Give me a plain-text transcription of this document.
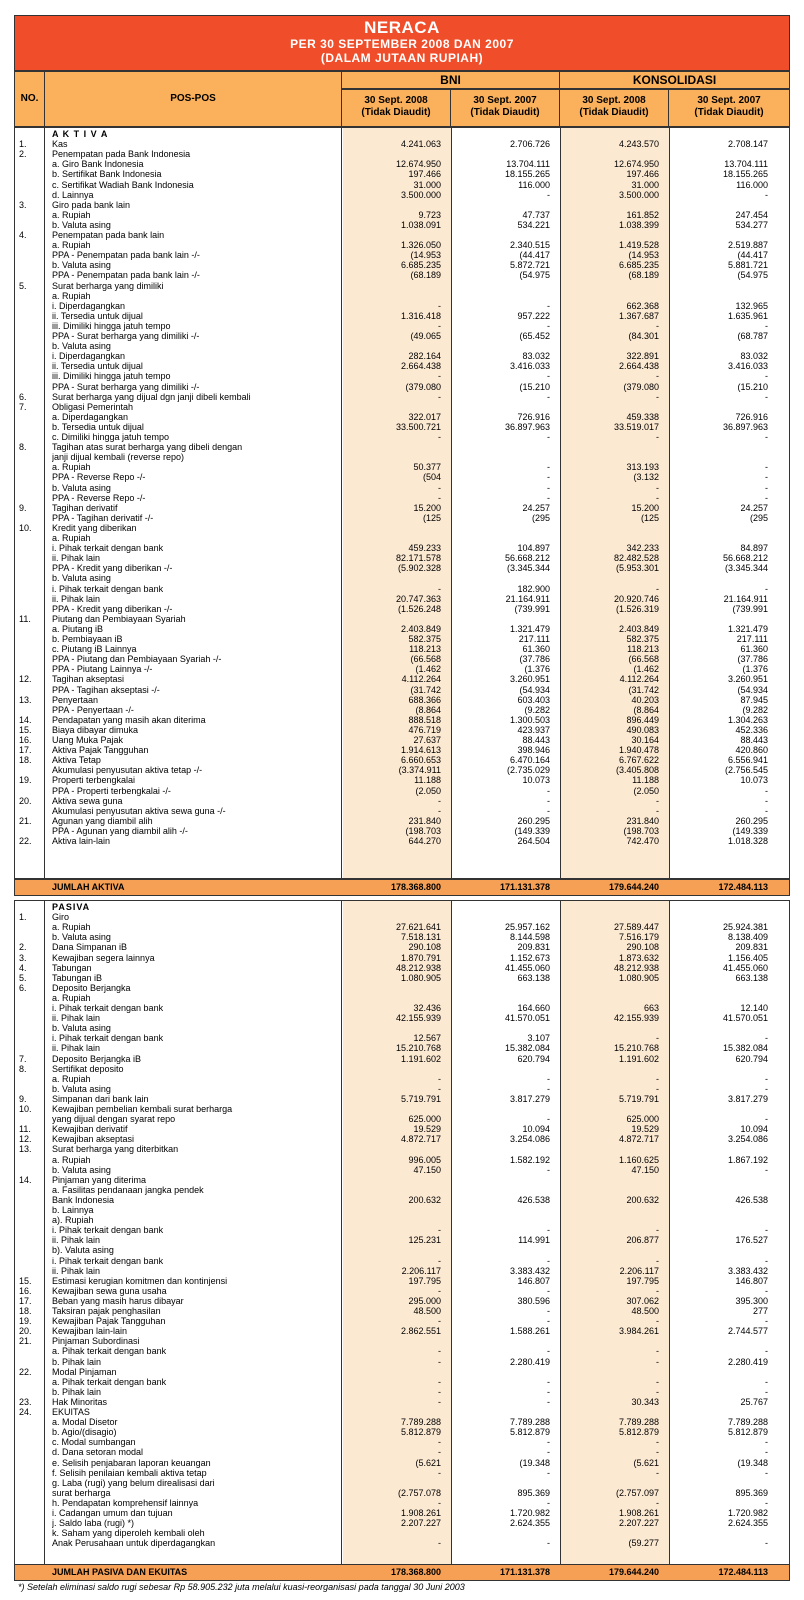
NERACA
PER 30 SEPTEMBER 2008 DAN 2007
(DALAM JUTAAN RUPIAH)
NO.	POS-POS
BNI	KONSOLIDASI
30 Sept. 2008
(Tidak Diaudit)
30 Sept. 2007
(Tidak Diaudit)
30 Sept. 2008
(Tidak Diaudit)
30 Sept. 2007
(Tidak Diaudit)
A K T I V A
1.	Kas	4.241.063	2.706.726	4.243.570	2.708.147
2.	Penempatan pada Bank Indonesia
a. Giro Bank Indonesia	12.674.950	13.704.111	12.674.950	13.704.111
b. Sertifikat Bank Indonesia	197.466	18.155.265	197.466	18.155.265
c. Sertifikat Wadiah Bank Indonesia	31.000	116.000	31.000	116.000
d. Lainnya	3.500.000	-	3.500.000	-
3.	Giro pada bank lain
a. Rupiah	9.723	47.737	161.852	247.454
b. Valuta asing	1.038.091	534.221	1.038.399	534.277
4.	Penempatan pada bank lain
a. Rupiah	1.326.050	2.340.515	1.419.528	2.519.887
PPA - Penempatan pada bank lain -/-	(14.953	(44.417	(14.953	(44.417
b. Valuta asing	6.685.235	5.872.721	6.685.235	5.881.721
PPA - Penempatan pada bank lain -/-	(68.189	(54.975	(68.189	(54.975
5.	Surat berharga yang dimiliki
a. Rupiah
i. Diperdagangkan	-	-	662.368	132.965
ii. Tersedia untuk dijual	1.316.418	957.222	1.367.687	1.635.961
iii. Dimiliki hingga jatuh tempo	-	-	-	-
PPA - Surat berharga yang dimiliki -/-	(49.065	(65.452	(84.301	(68.787
b. Valuta asing
i. Diperdagangkan	282.164	83.032	322.891	83.032
ii. Tersedia untuk dijual	2.664.438	3.416.033	2.664.438	3.416.033
iii. Dimiliki hingga jatuh tempo	-	-	-	-
PPA - Surat berharga yang dimiliki -/-	(379.080	(15.210	(379.080	(15.210
6.	Surat berharga yang dijual dgn janji dibeli kembali	-	-	-	-
7.	Obligasi Pemerintah
a. Diperdagangkan	322.017	726.916	459.338	726.916
b. Tersedia untuk dijual	33.500.721	36.897.963	33.519.017	36.897.963
c. Dimiliki hingga jatuh tempo	-	-	-	-
8.	Tagihan atas surat berharga yang dibeli dengan
janji dijual kembali (reverse repo)
a. Rupiah	50.377	-	313.193	-
PPA - Reverse Repo -/-	(504	-	(3.132	-
b. Valuta asing	-	-	-	-
PPA - Reverse Repo -/-	-	-	-	-
9.	Tagihan derivatif	15.200	24.257	15.200	24.257
PPA - Tagihan derivatif -/-	(125	(295	(125	(295
10.	Kredit yang diberikan
a. Rupiah
i. Pihak terkait dengan bank	459.233	104.897	342.233	84.897
ii. Pihak lain	82.171.578	56.668.212	82.482.528	56.668.212
PPA - Kredit yang diberikan -/-	(5.902.328	(3.345.344	(5.953.301	(3.345.344
b. Valuta asing
i. Pihak terkait dengan bank	-	182.900	-	-
ii. Pihak lain	20.747.363	21.164.911	20.920.746	21.164.911
PPA - Kredit yang diberikan -/-	(1.526.248	(739.991	(1.526.319	(739.991
11.	Piutang dan Pembiayaan Syariah
a. Piutang iB	2.403.849	1.321.479	2.403.849	1.321.479
b. Pembiayaan iB	582.375	217.111	582.375	217.111
c. Piutang iB Lainnya	118.213	61.360	118.213	61.360
PPA - Piutang dan Pembiayaan Syariah -/-	(66.568	(37.786	(66.568	(37.786
PPA - Piutang Lainnya -/-	(1.462	(1.376	(1.462	(1.376
12.	Tagihan akseptasi	4.112.264	3.260.951	4.112.264	3.260.951
PPA - Tagihan akseptasi -/-	(31.742	(54.934	(31.742	(54.934
13.	Penyertaan	688.366	603.403	40.203	87.945
PPA - Penyertaan -/-	(8.864	(9.282	(8.864	(9.282
14.	Pendapatan yang masih akan diterima	888.518	1.300.503	896.449	1.304.263
15.	Biaya dibayar dimuka	476.719	423.937	490.083	452.336
16.	Uang Muka Pajak	27.637	88.443	30.164	88.443
17.	Aktiva Pajak Tangguhan	1.914.613	398.946	1.940.478	420.860
18.	Aktiva Tetap	6.660.653	6.470.164	6.767.622	6.556.941
Akumulasi penyusutan aktiva tetap -/-	(3.374.911	(2.735.029	(3.405.808	(2.756.545
19.	Properti terbengkalai	11.188	10.073	11.188	10.073
PPA - Properti terbengkalai -/-	(2.050	-	(2.050	-
20.	Aktiva sewa guna	-	-	-	-
Akumulasi penyusutan aktiva sewa guna -/-	-	-	-	-
21.	Agunan yang diambil alih	231.840	260.295	231.840	260.295
PPA - Agunan yang diambil alih -/-	(198.703	(149.339	(198.703	(149.339
22.	Aktiva lain-lain	644.270	264.504	742.470	1.018.328
JUMLAH AKTIVA	178.368.800	171.131.378	179.644.240	172.484.113
PASIVA
1.	Giro
a. Rupiah	27.621.641	25.957.162	27.589.447	25.924.381
b. Valuta asing	7.518.131	8.144.598	7.516.179	8.138.409
2.	Dana Simpanan iB	290.108	209.831	290.108	209.831
3.	Kewajiban segera lainnya	1.870.791	1.152.673	1.873.632	1.156.405
4.	Tabungan	48.212.938	41.455.060	48.212.938	41.455.060
5.	Tabungan iB	1.080.905	663.138	1.080.905	663.138
6.	Deposito Berjangka
a. Rupiah
i. Pihak terkait dengan bank	32.436	164.660	663	12.140
ii. Pihak lain	42.155.939	41.570.051	42.155.939	41.570.051
b. Valuta asing
i. Pihak terkait dengan bank	12.567	3.107	-	-
ii. Pihak lain	15.210.768	15.382.084	15.210.768	15.382.084
7.	Deposito Berjangka iB	1.191.602	620.794	1.191.602	620.794
8.	Sertifikat deposito
a. Rupiah	-	-	-	-
b. Valuta asing	-	-	-	-
9.	Simpanan dari bank lain	5.719.791	3.817.279	5.719.791	3.817.279
10.	Kewajiban pembelian kembali surat berharga
yang dijual dengan syarat repo	625.000	-	625.000	-
11.	Kewajiban derivatif	19.529	10.094	19.529	10.094
12.	Kewajiban akseptasi	4.872.717	3.254.086	4.872.717	3.254.086
13.	Surat berharga yang diterbitkan
a. Rupiah	996.005	1.582.192	1.160.625	1.867.192
b. Valuta asing	47.150	-	47.150	-
14.	Pinjaman yang diterima
a. Fasilitas pendanaan jangka pendek
Bank Indonesia	200.632	426.538	200.632	426.538
b. Lainnya
a). Rupiah
i. Pihak terkait dengan bank	-	-	-	-
ii. Pihak lain	125.231	114.991	206.877	176.527
b). Valuta asing
i. Pihak terkait dengan bank	-	-	-	-
ii. Pihak lain	2.206.117	3.383.432	2.206.117	3.383.432
15.	Estimasi kerugian komitmen dan kontinjensi	197.795	146.807	197.795	146.807
16.	Kewajiban sewa guna usaha	-	-	-	-
17.	Beban yang masih harus dibayar	295.000	380.596	307.062	395.300
18.	Taksiran pajak penghasilan	48.500	-	48.500	277
19.	Kewajiban Pajak Tangguhan	-	-	-	-
20.	Kewajiban lain-lain	2.862.551	1.588.261	3.984.261	2.744.577
21.	Pinjaman Subordinasi
a. Pihak terkait dengan bank	-	-	-	-
b. Pihak lain	-	2.280.419	-	2.280.419
22.	Modal Pinjaman
a. Pihak terkait dengan bank	-	-	-	-
b. Pihak lain	-	-	-	-
23.	Hak Minoritas	-	-	30.343	25.767
24.	EKUITAS
a. Modal Disetor	7.789.288	7.789.288	7.789.288	7.789.288
b. Agio/(disagio)	5.812.879	5.812.879	5.812.879	5.812.879
c. Modal sumbangan	-	-	-	-
d. Dana setoran modal	-	-	-	-
e. Selisih penjabaran laporan keuangan	(5.621	(19.348	(5.621	(19.348
f. Selisih penilaian kembali aktiva tetap	-	-	-	-
g. Laba (rugi) yang belum direalisasi dari
surat berharga	(2.757.078	895.369	(2.757.097	895.369
h. Pendapatan komprehensif lainnya	-	-	-	-
i. Cadangan umum dan tujuan	1.908.261	1.720.982	1.908.261	1.720.982
j. Saldo laba (rugi) *)	2.207.227	2.624.355	2.207.227	2.624.355
k. Saham yang diperoleh kembali oleh
Anak Perusahaan untuk diperdagangkan	-	-	(59.277	-
JUMLAH PASIVA DAN EKUITAS	178.368.800	171.131.378	179.644.240	172.484.113
*) Setelah eliminasi saldo rugi sebesar Rp 58.905.232 juta melalui kuasi-reorganisasi pada tanggal 30 Juni 2003
